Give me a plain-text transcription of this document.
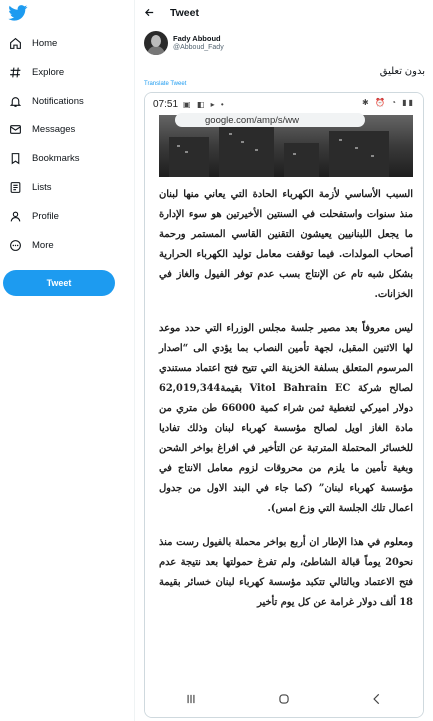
Home
Explore
Notifications
Messages
Bookmarks
Lists
Profile
More
Tweet
Tweet
Fady Abboud
@Abboud_Fady
بدون تعليق
Translate Tweet
07:51 ▣ ◧ ▸ •	✱ ⏰ ◔ ▮▮
google.com/amp/s/ww

السبب الأساسي لأزمة الكهرباء الحادة التي يعاني منها لبنان منذ سنوات واستفحلت في السنتين الأخيرتين هو سوء الإدارة ما يجعل اللبنانيين يعيشون التقنين القاسي المستمر ورحمة أصحاب المولدات. فيما توقفت معامل توليد الكهرباء الحرارية بشكل شبه تام عن الإنتاج بسب عدم توفر الفيول والغاز في الخزانات.

ليس معروفاً بعد مصير جلسة مجلس الوزراء التي حدد موعد لها الاثنين المقبل، لجهة تأمين النصاب بما يؤدي الى “اصدار المرسوم المتعلق بسلفة الخزينة التي تتيح فتح اعتماد مستندي لصالح شركة Vitol Bahrain EC بقيمة62,019,344 دولار اميركي لتغطية ثمن شراء كمية 66000 طن متري من مادة الغاز اويل لصالح مؤسسة كهرباء لبنان وذلك تفاديا للخسائر المحتملة المترتبة عن التأخير في افراغ بواخر الشحن وبغية تأمين ما يلزم من محروقات لزوم معامل الانتاج في مؤسسة كهرباء لبنان” (كما جاء في البند الاول من جدول اعمال تلك الجلسة التي وزع امس).

ومعلوم في هذا الإطار ان أربع بواخر محملة بالفيول رست منذ نحو20 يوماً قبالة الشاطئ، ولم تفرغ حمولتها بعد نتيجة عدم فتح الاعتماد وبالتالي تتكبد مؤسسة كهرباء لبنان خسائر بقيمة 18 ألف دولار غرامة عن كل يوم تأخير
